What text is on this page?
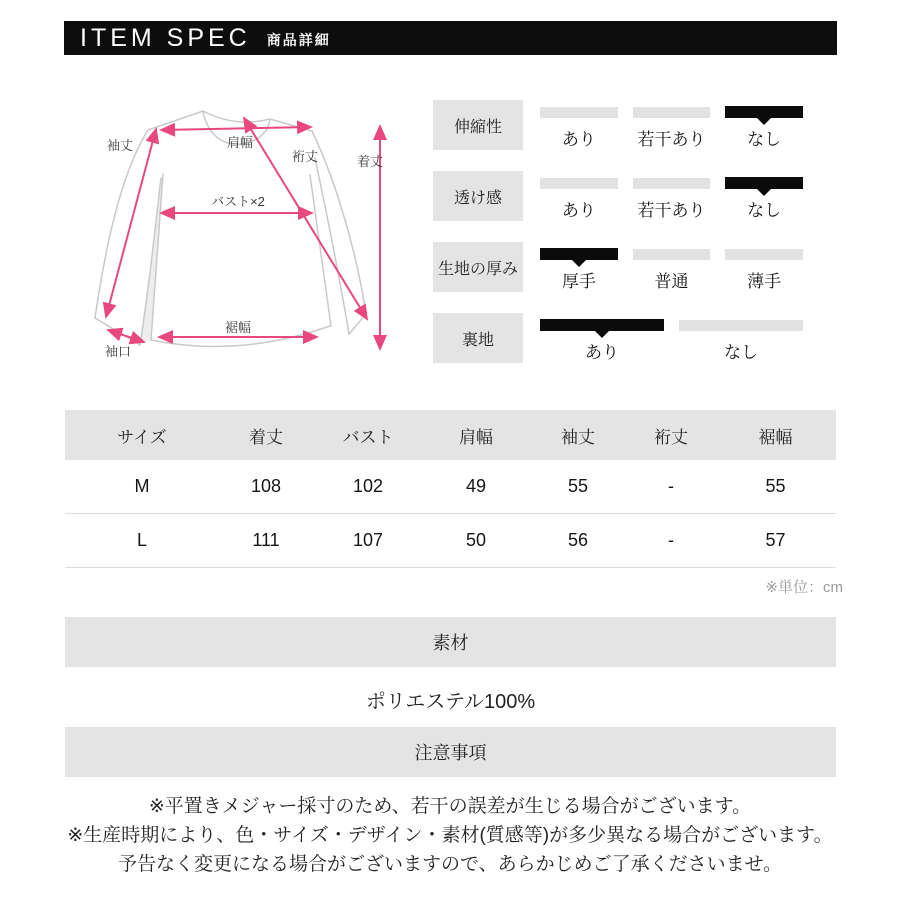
ITEM SPEC 商品詳細
肩幅
袖丈
裄丈	着丈
バスト×2
裾幅
袖口
伸縮性
あり 若干あり なし
透け感
あり 若干あり なし
生地の厚み
厚手	普通	薄手
裏地
あり	なし
サイズ	着丈	バスト	肩幅	袖丈	裄丈	裾幅
M	108	102	49	55	-	55
L	111	107	50	56	-	57
※単位：cm
素材
ポリエステル100%
注意事項
※平置きメジャー採寸のため、若干の誤差が生じる場合がございます。
※生産時期により、色・サイズ・デザイン・素材(質感等)が多少異なる場合がございます。
予告なく変更になる場合がございますので、あらかじめご了承くださいませ。
